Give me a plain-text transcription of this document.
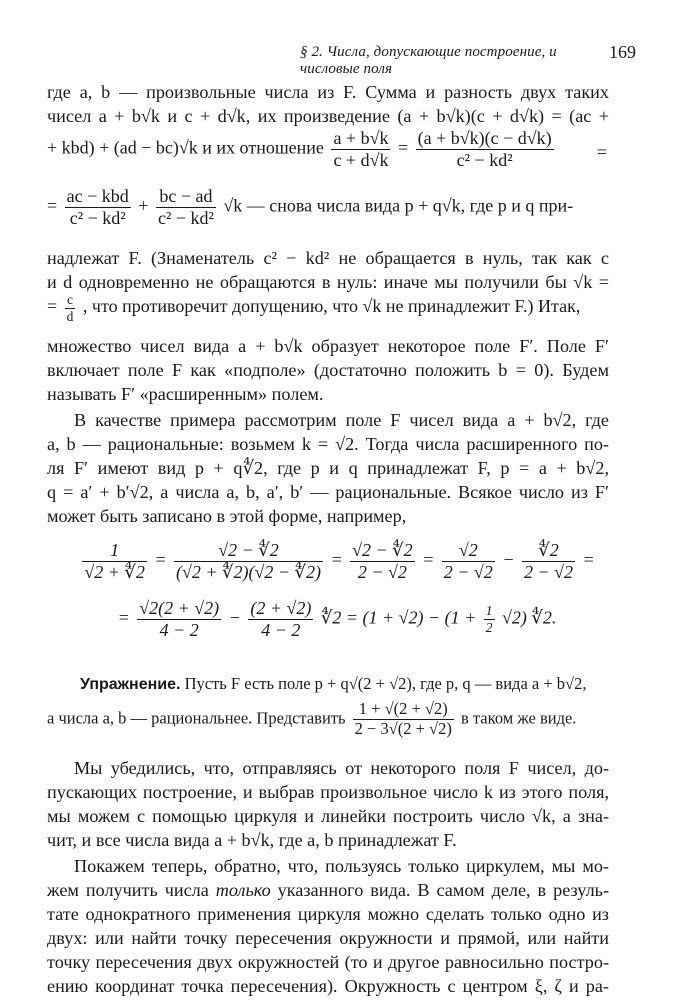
§ 2. Числа, допускающие построение, и числовые поля
169
где a, b — произвольные числа из F. Сумма и разность двух таких
чисел a + b√k и c + d√k, их произведение (a + b√k)(c + d√k) = (ac +
+ kbd) + (ad − bc)√k и их отношение $\frac{a + b√k}{c + d√k} = \frac{(a + b√k)(c - d√k)}{\text{c² − kd²}}$ =
= $\frac{\text{ac − kbd}}{\text{c² − kd²}} + \frac{bc - ad}{\text{c² − kd²}} √k$ — снова числа вида p + q√k, где p и q при-
надлежат F. (Знаменатель c² − kd² не обращается в нуль, так как c
и d одновременно не обращаются в нуль: иначе мы получили бы √k =
= $\frac{c}{d}$ , что противоречит допущению, что √k не принадлежит F.) Итак,
множество чисел вида a + b√k образует некоторое поле F′. Поле F′
включает поле F как «подполе» (достаточно положить b = 0). Будем
называть F′ «расширенным» полем.
В качестве примера рассмотрим поле F чисел вида a + b√2, где
a, b — рациональные: возьмем k = √2. Тогда числа расширенного по-
ля F′ имеют вид p + q∜2, где p и q принадлежат F, p = a + b√2,
q = a′ + b′√2, а числа a, b, a′, b′ — рациональные. Всякое число из F′
может быть записано в этой форме, например,
$\frac{1}{√2 + ∜2} = \frac{√2 - ∜2}{(√2 + ∜2)(√2 - ∜2)} = \frac{√2 - ∜2}{2 - √2} = \frac{√2}{2 - √2} - \frac{∜2}{2 - √2}$ =
= $\frac{√2(2 + √2)}{4 - 2} - \frac{(2 + √2)}{4 - 2}$ ∜2 = $(1 + √2) - (1 + \frac{1}{2} √2)$ ∜2.
Упражнение. Пусть F есть поле p + q√(2 + √2), где p, q — вида a + b√2,
а числа a, b — рациональнее. Представить $\frac{1 + √(2 + √2)}{2 - 3√(2 + √2)}$ в таком же виде.
Мы убедились, что, отправляясь от некоторого поля F чисел, до-
пускающих построение, и выбрав произвольное число k из этого поля,
мы можем с помощью циркуля и линейки построить число √k, а зна-
чит, и все числа вида a + b√k, где a, b принадлежат F.
Покажем теперь, обратно, что, пользуясь только циркулем, мы мо-
жем получить числа только указанного вида. В самом деле, в резуль-
тате однократного применения циркуля можно сделать только одно из
двух: или найти точку пересечения окружности и прямой, или найти
точку пересечения двух окружностей (то и другое равносильно постро-
ению координат точка пересечения). Окружность с центром ξ, ζ и ра-
